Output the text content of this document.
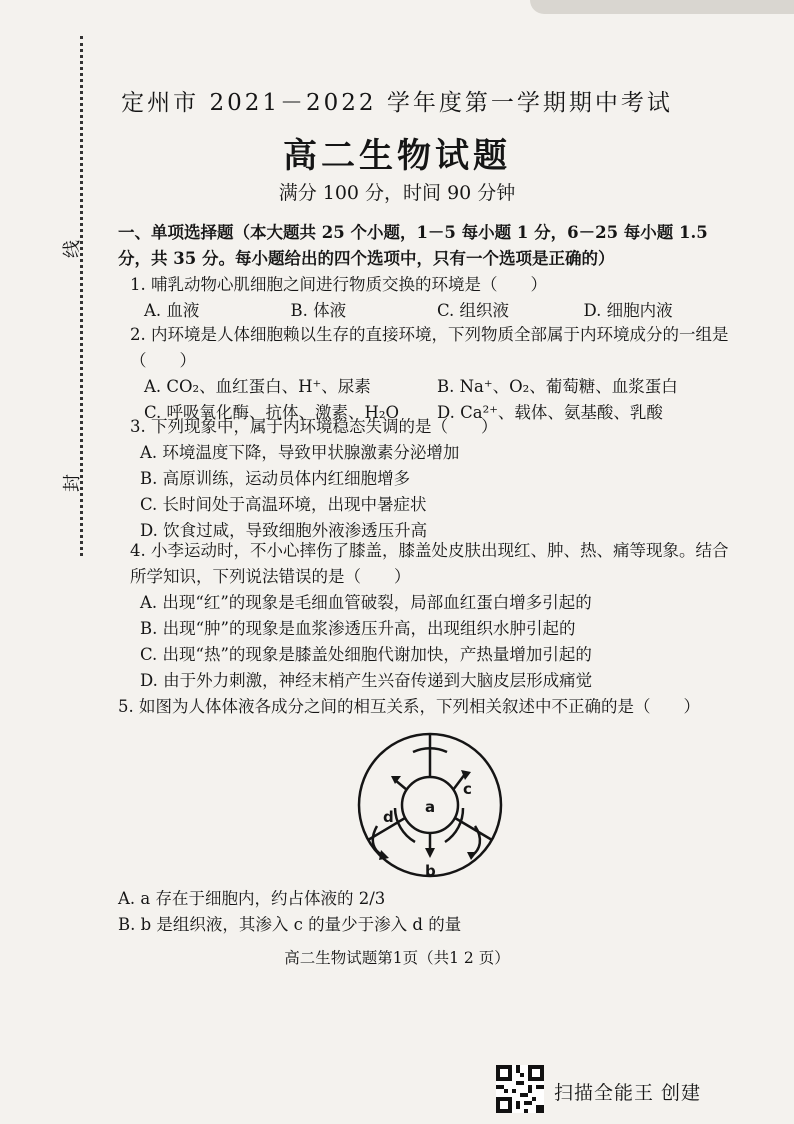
线
封
定州市 2021－2022 学年度第一学期期中考试
高二生物试题
满分 100 分，时间 90 分钟
一、单项选择题（本大题共 25 个小题，1－5 每小题 1 分，6－25 每小题 1.5 分，共 35 分。每小题给出的四个选项中，只有一个选项是正确的）
1. 哺乳动物心肌细胞之间进行物质交换的环境是（　　）
A. 血液	B. 体液	C. 组织液	D. 细胞内液
2. 内环境是人体细胞赖以生存的直接环境，下列物质全部属于内环境成分的一组是（　　）
A. CO₂、血红蛋白、H⁺、尿素	B. Na⁺、O₂、葡萄糖、血浆蛋白
C. 呼吸氧化酶、抗体、激素、H₂O	D. Ca²⁺、载体、氨基酸、乳酸
3. 下列现象中，属于内环境稳态失调的是（　　）
A. 环境温度下降，导致甲状腺激素分泌增加
B. 高原训练，运动员体内红细胞增多
C. 长时间处于高温环境，出现中暑症状
D. 饮食过咸，导致细胞外液渗透压升高
4. 小李运动时，不小心摔伤了膝盖，膝盖处皮肤出现红、肿、热、痛等现象。结合所学知识，下列说法错误的是（　　）
A. 出现“红”的现象是毛细血管破裂，局部血红蛋白增多引起的
B. 出现“肿”的现象是血浆渗透压升高，出现组织水肿引起的
C. 出现“热”的现象是膝盖处细胞代谢加快，产热量增加引起的
D. 由于外力刺激，神经末梢产生兴奋传递到大脑皮层形成痛觉
5. 如图为人体体液各成分之间的相互关系，下列相关叙述中不正确的是（　　）
a
b
c
d
A. a 存在于细胞内，约占体液的 2/3
B. b 是组织液，其渗入 c 的量少于渗入 d 的量
高二生物试题第1页（共1 2 页）
扫描全能王 创建
